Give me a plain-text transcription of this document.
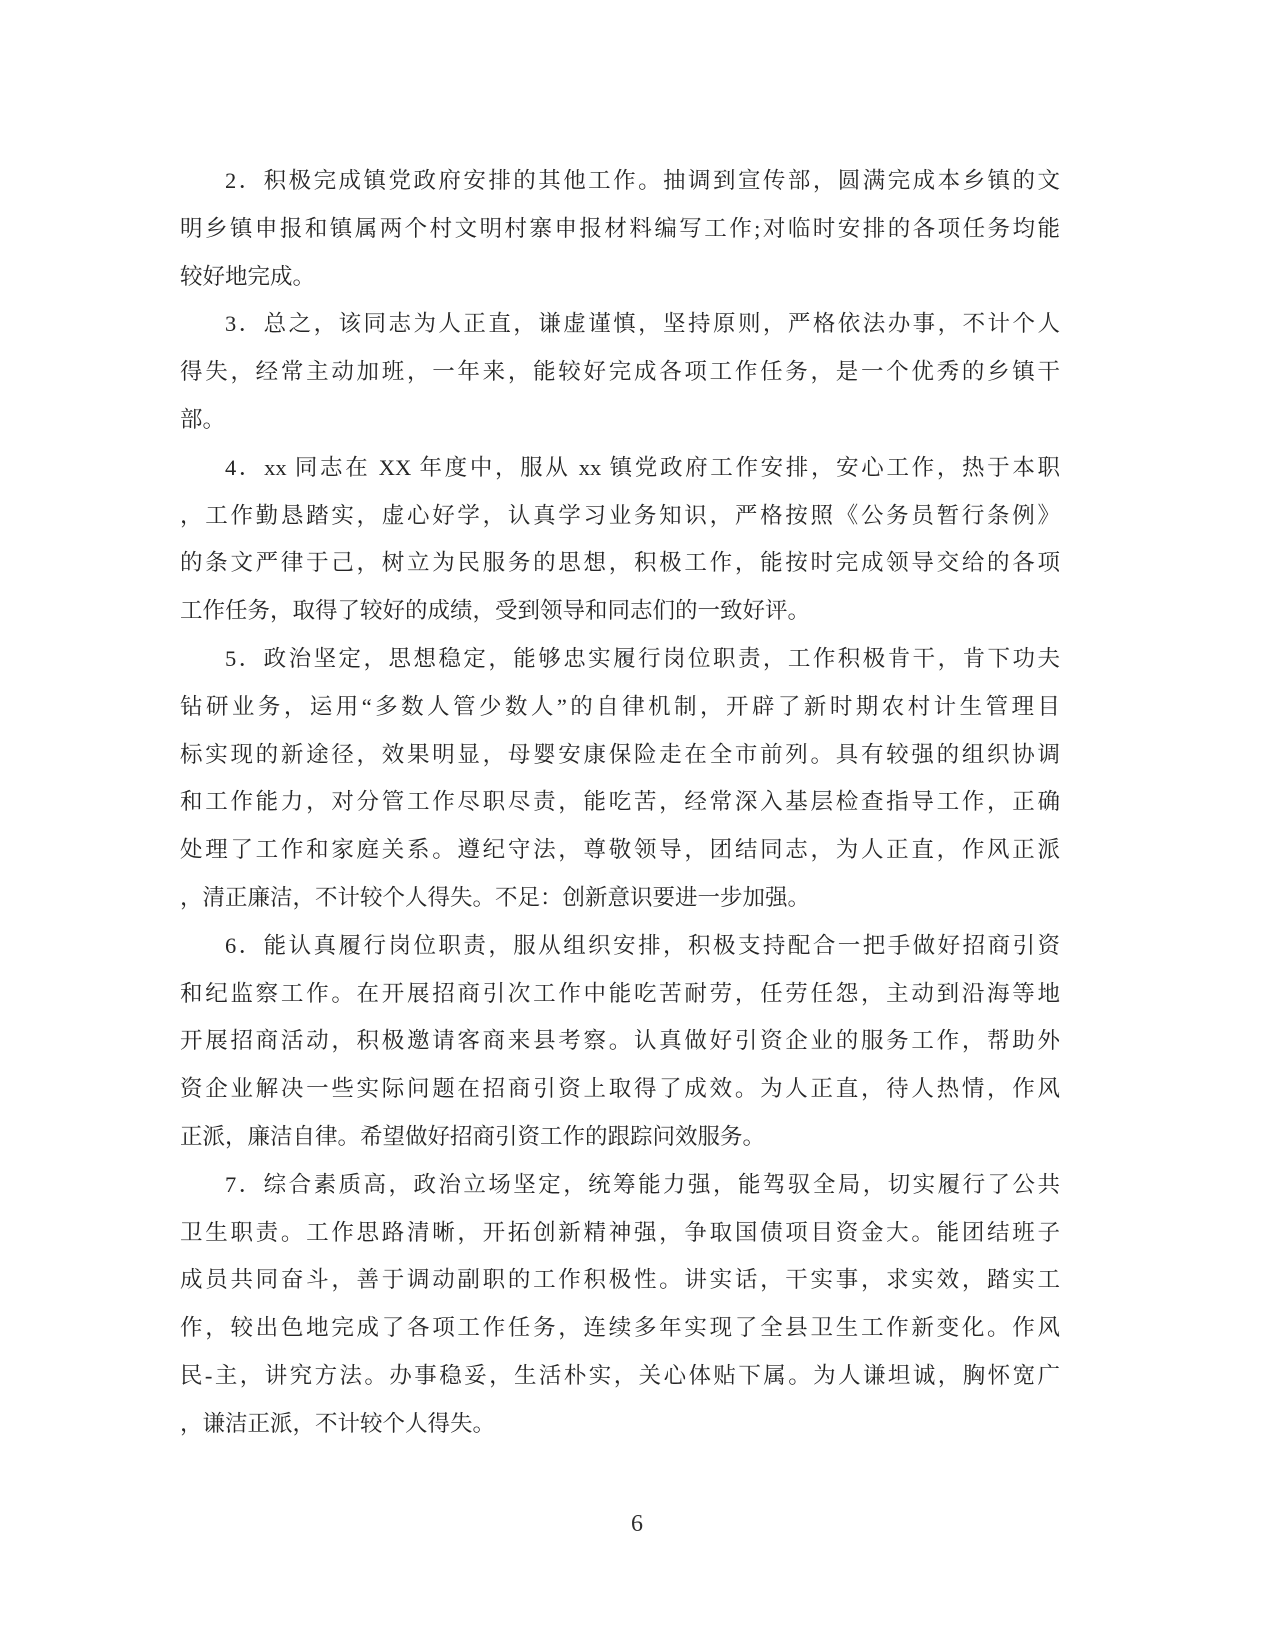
2．积极完成镇党政府安排的其他工作。抽调到宣传部，圆满完成本乡镇的文
明乡镇申报和镇属两个村文明村寨申报材料编写工作;对临时安排的各项任务均能
较好地完成。
3．总之，该同志为人正直，谦虚谨慎，坚持原则，严格依法办事，不计个人
得失，经常主动加班，一年来，能较好完成各项工作任务，是一个优秀的乡镇干
部。
4．xx 同志在 XX 年度中，服从 xx 镇党政府工作安排，安心工作，热于本职
，工作勤恳踏实，虚心好学，认真学习业务知识，严格按照《公务员暂行条例》
的条文严律于己，树立为民服务的思想，积极工作，能按时完成领导交给的各项
工作任务，取得了较好的成绩，受到领导和同志们的一致好评。
5．政治坚定，思想稳定，能够忠实履行岗位职责，工作积极肯干，肯下功夫
钻研业务，运用“多数人管少数人”的自律机制，开辟了新时期农村计生管理目
标实现的新途径，效果明显，母婴安康保险走在全市前列。具有较强的组织协调
和工作能力，对分管工作尽职尽责，能吃苦，经常深入基层检查指导工作，正确
处理了工作和家庭关系。遵纪守法，尊敬领导，团结同志，为人正直，作风正派
，清正廉洁，不计较个人得失。不足：创新意识要进一步加强。
6．能认真履行岗位职责，服从组织安排，积极支持配合一把手做好招商引资
和纪监察工作。在开展招商引次工作中能吃苦耐劳，任劳任怨，主动到沿海等地
开展招商活动，积极邀请客商来县考察。认真做好引资企业的服务工作，帮助外
资企业解决一些实际问题在招商引资上取得了成效。为人正直，待人热情，作风
正派，廉洁自律。希望做好招商引资工作的跟踪问效服务。
7．综合素质高，政治立场坚定，统筹能力强，能驾驭全局，切实履行了公共
卫生职责。工作思路清晰，开拓创新精神强，争取国债项目资金大。能团结班子
成员共同奋斗，善于调动副职的工作积极性。讲实话，干实事，求实效，踏实工
作，较出色地完成了各项工作任务，连续多年实现了全县卫生工作新变化。作风
民-主，讲究方法。办事稳妥，生活朴实，关心体贴下属。为人谦坦诚，胸怀宽广
，谦洁正派，不计较个人得失。
6
